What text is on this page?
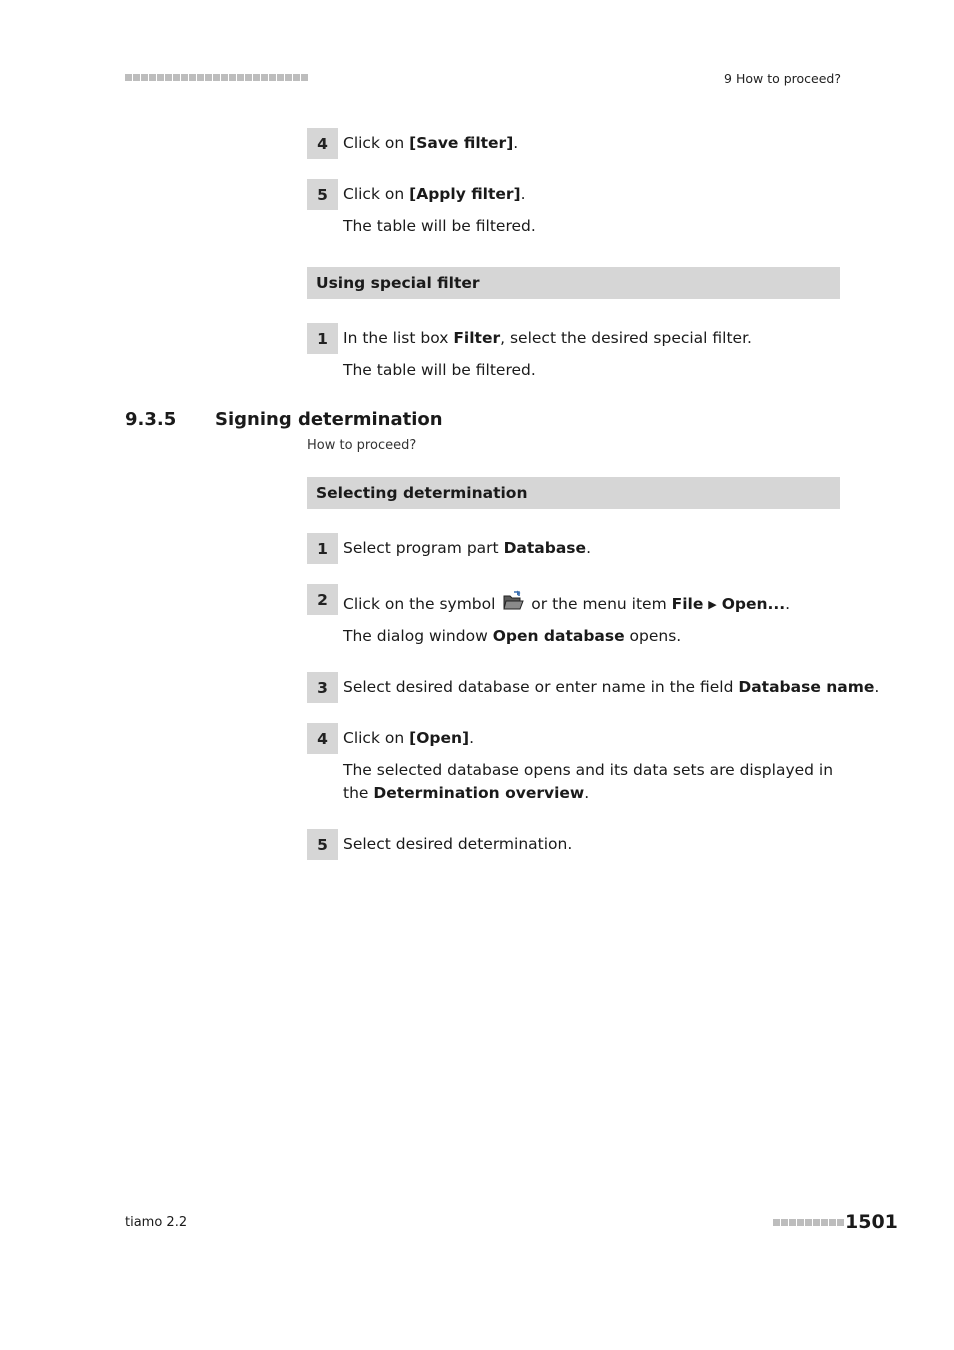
9 How to proceed?
4 Click on [Save filter].
5 Click on [Apply filter].
The table will be filtered.
Using special filter
1 In the list box Filter, select the desired special filter.
The table will be filtered.
9.3.5 Signing determination
How to proceed?
Selecting determination
1 Select program part Database.
2 Click on the symbol  or the menu item File ▶ Open....
The dialog window Open database opens.
3 Select desired database or enter name in the field Database name.
4 Click on [Open].
The selected database opens and its data sets are displayed in the Determination overview.
5 Select desired determination.
tiamo 2.2	1501
